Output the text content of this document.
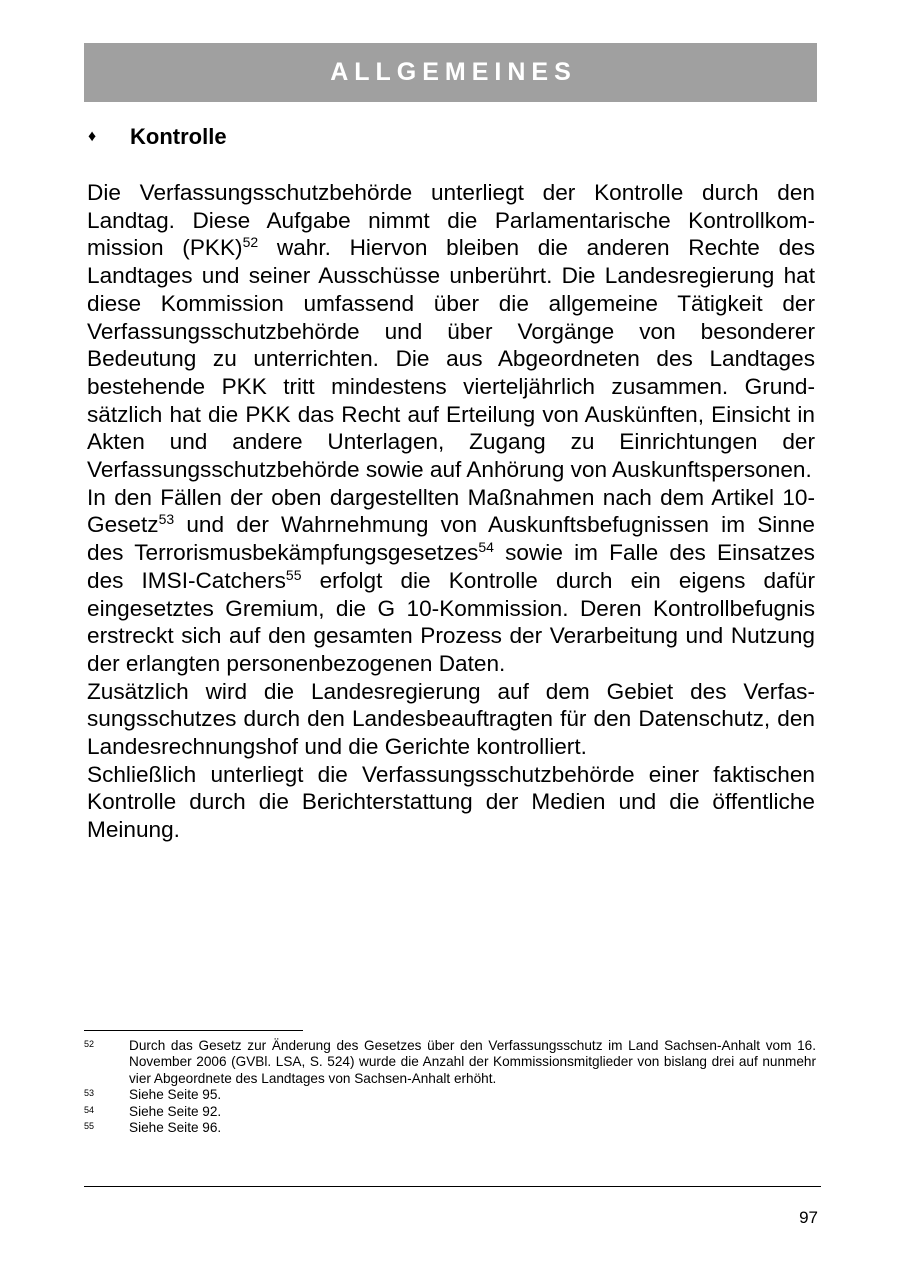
ALLGEMEINES
♦	Kontrolle

Die Verfassungsschutzbehörde unterliegt der Kontrolle durch den Landtag. Diese Aufgabe nimmt die Parlamentarische Kontrollkommission (PKK)$^{52}$ wahr. Hiervon bleiben die anderen Rechte des Landtages und seiner Ausschüsse unberührt. Die Landesregierung hat diese Kommission umfassend über die allgemeine Tätigkeit der Verfassungsschutzbehörde und über Vorgänge von besonderer Bedeutung zu unterrichten. Die aus Abgeordneten des Landtages bestehende PKK tritt mindestens vierteljährlich zusammen. Grundsätzlich hat die PKK das Recht auf Erteilung von Auskünften, Einsicht in Akten und andere Unterlagen, Zugang zu Einrichtungen der Verfassungsschutzbehörde sowie auf Anhörung von Auskunftspersonen.

In den Fällen der oben dargestellten Maßnahmen nach dem Artikel 10-Gesetz$^{53}$ und der Wahrnehmung von Auskunftsbefugnissen im Sinne des Terrorismusbekämpfungsgesetzes$^{54}$ sowie im Falle des Einsatzes des IMSI-Catchers$^{55}$ erfolgt die Kontrolle durch ein eigens dafür eingesetztes Gremium, die G 10-Kommission. Deren Kontrollbefugnis erstreckt sich auf den gesamten Prozess der Verarbeitung und Nutzung der erlangten personenbezogenen Daten.

Zusätzlich wird die Landesregierung auf dem Gebiet des Verfassungsschutzes durch den Landesbeauftragten für den Datenschutz, den Landesrechnungshof und die Gerichte kontrolliert.

Schließlich unterliegt die Verfassungsschutzbehörde einer faktischen Kontrolle durch die Berichterstattung der Medien und die öffentliche Meinung.

52	Durch das Gesetz zur Änderung des Gesetzes über den Verfassungsschutz im Land Sachsen-Anhalt vom 16. November 2006 (GVBl. LSA, S. 524) wurde die Anzahl der Kommissionsmitglieder von bislang drei auf nunmehr vier Abgeordnete des Landtages von Sachsen-Anhalt erhöht.
53	Siehe Seite 95.
54	Siehe Seite 92.
55	Siehe Seite 96.
97
